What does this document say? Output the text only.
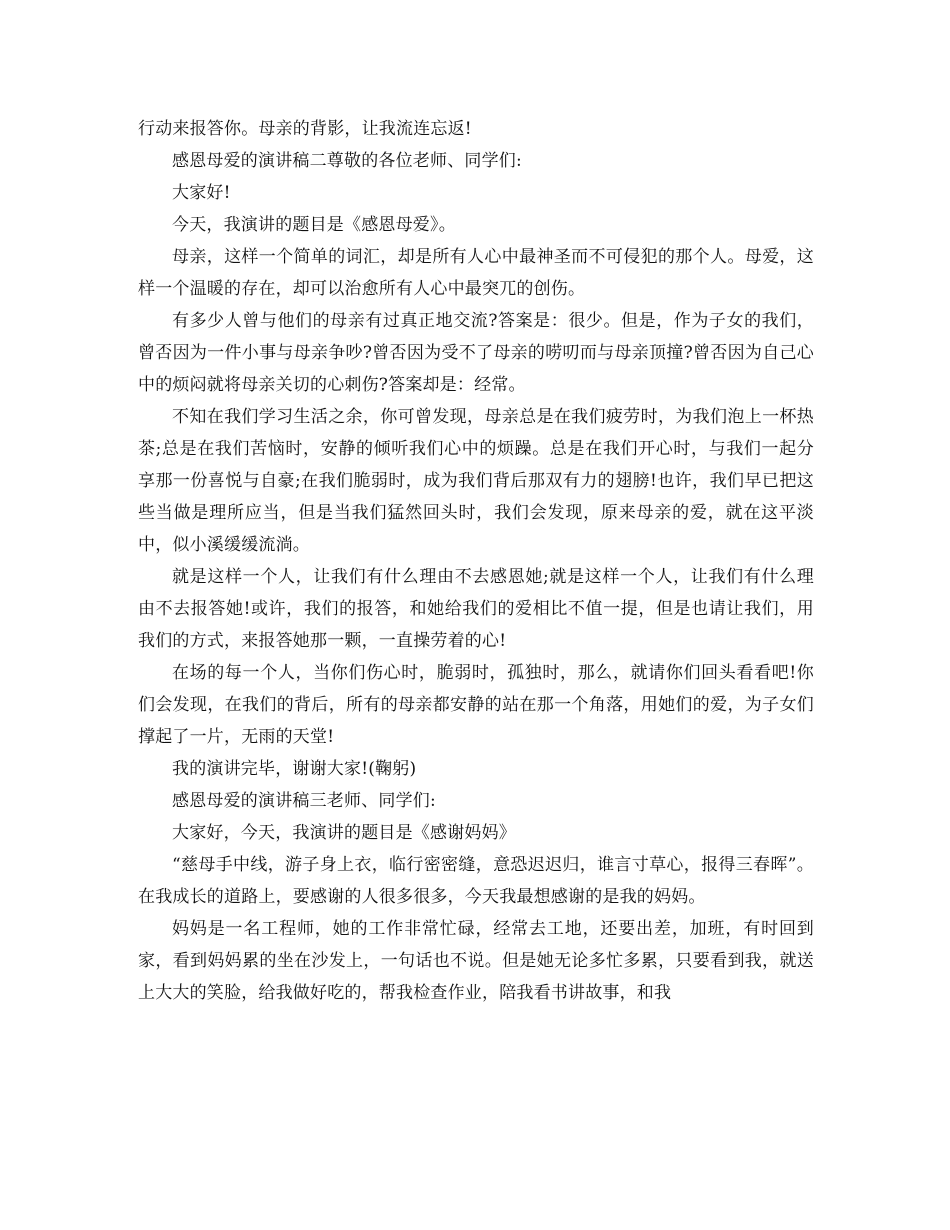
行动来报答你。母亲的背影，让我流连忘返!

感恩母爱的演讲稿二尊敬的各位老师、同学们:

大家好!

今天，我演讲的题目是《感恩母爱》。

母亲，这样一个简单的词汇，却是所有人心中最神圣而不可侵犯的那个人。母爱，这样一个温暖的存在，却可以治愈所有人心中最突兀的创伤。

有多少人曾与他们的母亲有过真正地交流?答案是：很少。但是，作为子女的我们，曾否因为一件小事与母亲争吵?曾否因为受不了母亲的唠叨而与母亲顶撞?曾否因为自己心中的烦闷就将母亲关切的心刺伤?答案却是：经常。

不知在我们学习生活之余，你可曾发现，母亲总是在我们疲劳时，为我们泡上一杯热茶;总是在我们苦恼时，安静的倾听我们心中的烦躁。总是在我们开心时，与我们一起分享那一份喜悦与自豪;在我们脆弱时，成为我们背后那双有力的翅膀!也许，我们早已把这些当做是理所应当，但是当我们猛然回头时，我们会发现，原来母亲的爱，就在这平淡中，似小溪缓缓流淌。

就是这样一个人，让我们有什么理由不去感恩她;就是这样一个人，让我们有什么理由不去报答她!或许，我们的报答，和她给我们的爱相比不值一提，但是也请让我们，用我们的方式，来报答她那一颗，一直操劳着的心!

在场的每一个人，当你们伤心时，脆弱时，孤独时，那么，就请你们回头看看吧!你们会发现，在我们的背后，所有的母亲都安静的站在那一个角落，用她们的爱，为子女们撑起了一片，无雨的天堂!

我的演讲完毕，谢谢大家!(鞠躬)

感恩母爱的演讲稿三老师、同学们:

大家好，今天，我演讲的题目是《感谢妈妈》

“慈母手中线，游子身上衣，临行密密缝，意恐迟迟归，谁言寸草心，报得三春晖”。在我成长的道路上，要感谢的人很多很多，今天我最想感谢的是我的妈妈。

妈妈是一名工程师，她的工作非常忙碌，经常去工地，还要出差，加班，有时回到家，看到妈妈累的坐在沙发上，一句话也不说。但是她无论多忙多累，只要看到我，就送上大大的笑脸，给我做好吃的，帮我检查作业，陪我看书讲故事，和我
